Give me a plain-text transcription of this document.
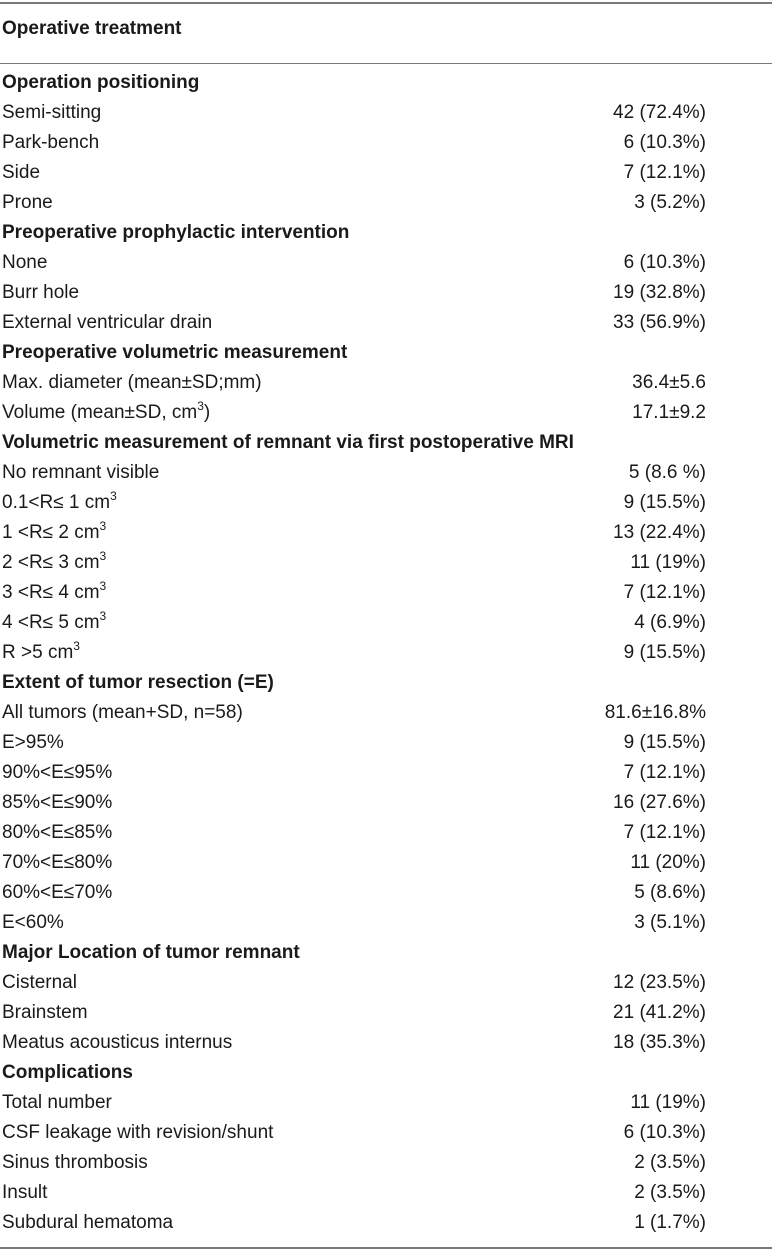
Operative treatment
Operation positioning
Semi-sitting	42 (72.4%)
Park-bench	6 (10.3%)
Side	7 (12.1%)
Prone	3 (5.2%)
Preoperative prophylactic intervention
None	6 (10.3%)
Burr hole	19 (32.8%)
External ventricular drain	33 (56.9%)
Preoperative volumetric measurement
Max. diameter (mean±SD;mm)	36.4±5.6
Volume (mean±SD, $cm^3$)	17.1±9.2
Volumetric measurement of remnant via first postoperative MRI
No remnant visible	5 (8.6 %)
0.1<R≤ 1 $cm^3$	9 (15.5%)
1 <R≤ 2 $cm^3$	13 (22.4%)
2 <R≤ 3 $cm^3$	11 (19%)
3 <R≤ 4 $cm^3$	7 (12.1%)
4 <R≤ 5 $cm^3$	4 (6.9%)
R >5 $cm^3$	9 (15.5%)
Extent of tumor resection (=E)
All tumors (mean+SD, n=58)	81.6±16.8%
E>95%	9 (15.5%)
90%<E≤95%	7 (12.1%)
85%<E≤90%	16 (27.6%)
80%<E≤85%	7 (12.1%)
70%<E≤80%	11 (20%)
60%<E≤70%	5 (8.6%)
E<60%	3 (5.1%)
Major Location of tumor remnant
Cisternal	12 (23.5%)
Brainstem	21 (41.2%)
Meatus acousticus internus	18 (35.3%)
Complications
Total number	11 (19%)
CSF leakage with revision/shunt	6 (10.3%)
Sinus thrombosis	2 (3.5%)
Insult	2 (3.5%)
Subdural hematoma	1 (1.7%)
